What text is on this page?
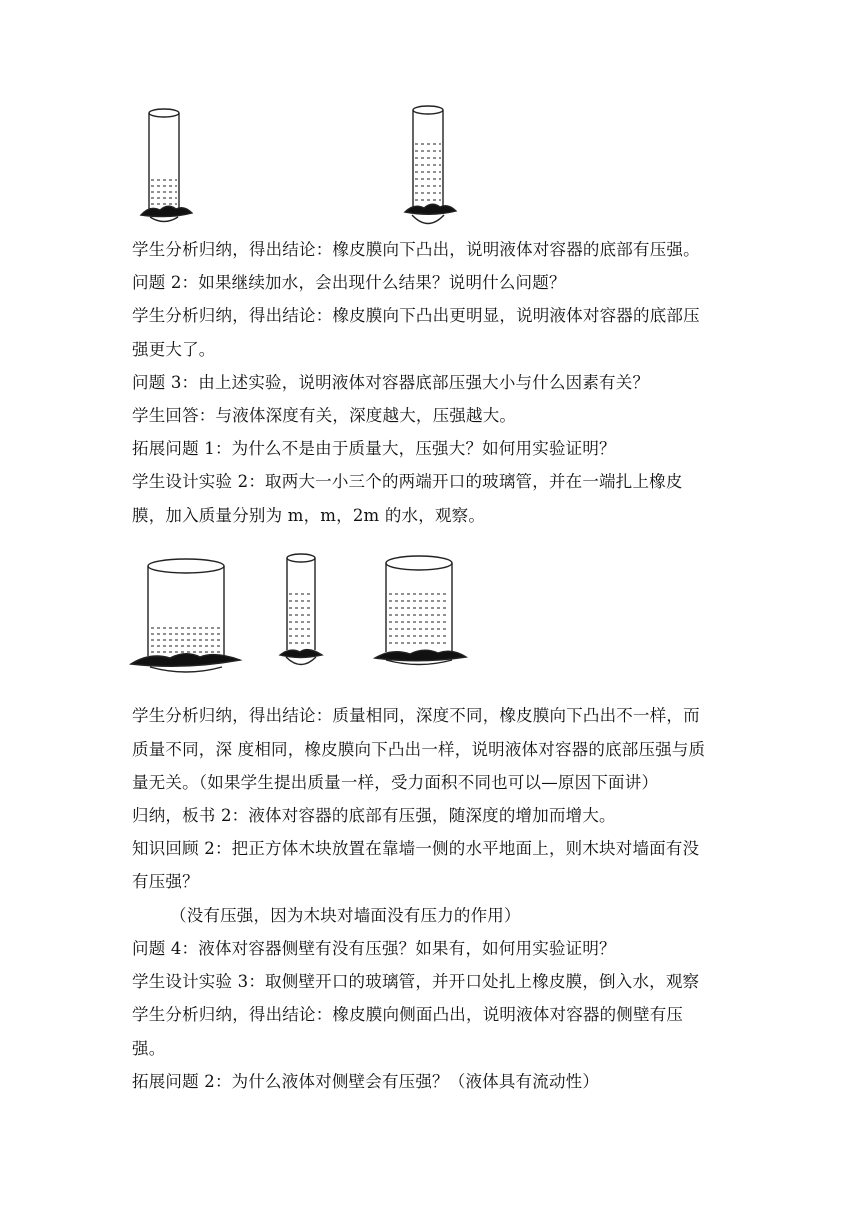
学生分析归纳，得出结论：橡皮膜向下凸出，说明液体对容器的底部有压强。
问题 2：如果继续加水，会出现什么结果？说明什么问题？
学生分析归纳，得出结论：橡皮膜向下凸出更明显，说明液体对容器的底部压
强更大了。
问题 3：由上述实验，说明液体对容器底部压强大小与什么因素有关？
学生回答：与液体深度有关，深度越大，压强越大。
拓展问题 1：为什么不是由于质量大，压强大？如何用实验证明？
学生设计实验 2：取两大一小三个的两端开口的玻璃管，并在一端扎上橡皮
膜，加入质量分别为 m，m，2m 的水，观察。
学生分析归纳，得出结论：质量相同，深度不同，橡皮膜向下凸出不一样，而
质量不同，深 度相同，橡皮膜向下凸出一样，说明液体对容器的底部压强与质
量无关。（如果学生提出质量一样，受力面积不同也可以—原因下面讲）
归纳，板书 2：液体对容器的底部有压强，随深度的增加而增大。
知识回顾 2：把正方体木块放置在靠墙一侧的水平地面上，则木块对墙面有没
有压强？
（没有压强，因为木块对墙面没有压力的作用）
问题 4：液体对容器侧壁有没有压强？如果有，如何用实验证明？
学生设计实验 3：取侧壁开口的玻璃管，并开口处扎上橡皮膜，倒入水，观察
学生分析归纳，得出结论：橡皮膜向侧面凸出，说明液体对容器的侧壁有压
强。
拓展问题 2：为什么液体对侧壁会有压强？（液体具有流动性）
